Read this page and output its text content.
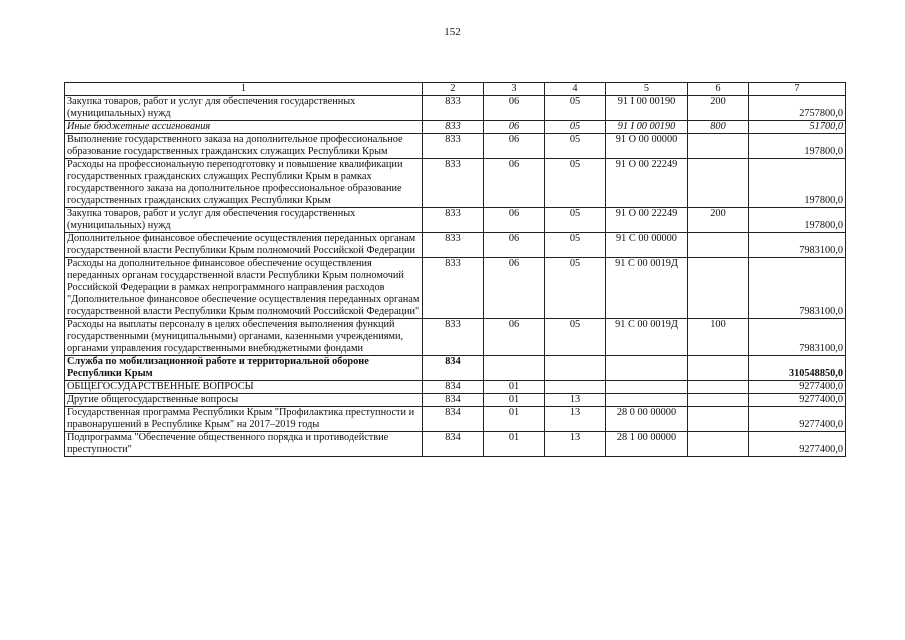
152
1	2	3	4	5	6	7
Закупка товаров, работ и услуг для обеспечения государственных (муниципальных) нужд	833	06	05	91 I 00 00190	200	2757800,0
Иные бюджетные ассигнования	833	06	05	91 I 00 00190	800	51700,0
Выполнение государственного заказа на дополнительное профессиональное образование государственных гражданских служащих Республики Крым	833	06	05	91 О 00 00000		197800,0
Расходы на профессиональную переподготовку и повышение квалификации государственных гражданских служащих Республики Крым в рамках государственного заказа на дополнительное профессиональное образование государственных гражданских служащих Республики Крым	833	06	05	91 О 00 22249		197800,0
Закупка товаров, работ и услуг для обеспечения государственных (муниципальных) нужд	833	06	05	91 О 00 22249	200	197800,0
Дополнительное финансовое обеспечение осуществления переданных органам государственной власти Республики Крым полномочий Российской Федерации	833	06	05	91 С 00 00000		7983100,0
Расходы на дополнительное финансовое обеспечение осуществления переданных органам государственной власти Республики Крым полномочий Российской Федерации в рамках непрограммного направления расходов "Дополнительное финансовое обеспечение осуществления переданных органам государственной власти Республики Крым полномочий Российской Федерации"	833	06	05	91 С 00 0019Д		7983100,0
Расходы на выплаты персоналу в целях обеспечения выполнения функций государственными (муниципальными) органами, казенными учреждениями, органами управления государственными внебюджетными фондами	833	06	05	91 С 00 0019Д	100	7983100,0
Служба по мобилизационной работе и территориальной обороне Республики Крым	834					310548850,0
ОБЩЕГОСУДАРСТВЕННЫЕ ВОПРОСЫ	834	01				9277400,0
Другие общегосударственные вопросы	834	01	13			9277400,0
Государственная программа Республики Крым "Профилактика преступности и правонарушений в Республике Крым" на 2017–2019 годы	834	01	13	28 0 00 00000		9277400,0
Подпрограмма "Обеспечение общественного порядка и противодействие преступности"	834	01	13	28 1 00 00000		9277400,0
